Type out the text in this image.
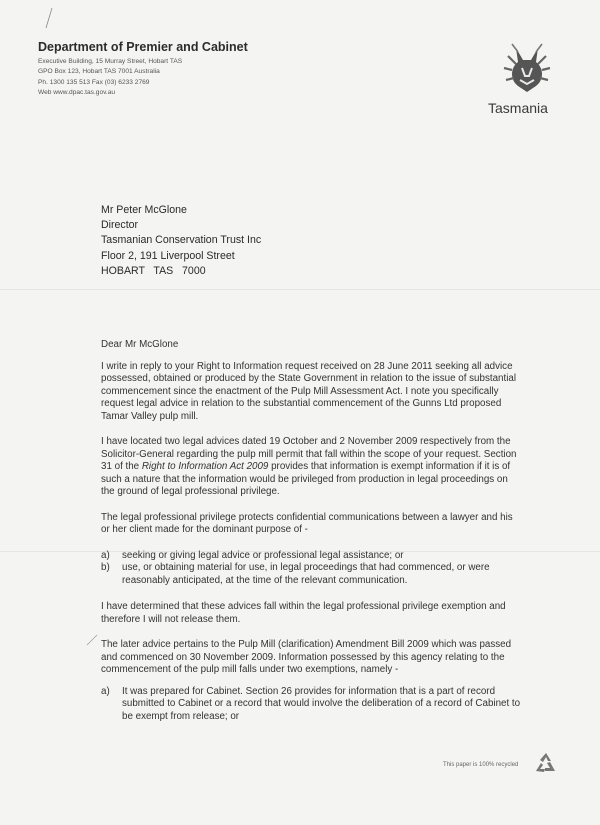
Department of Premier and Cabinet
Executive Building, 15 Murray Street, Hobart TAS
GPO Box 123, Hobart TAS 7001 Australia
Ph. 1300 135 513 Fax (03) 6233 2769
Web www.dpac.tas.gov.au
Tasmania
Mr Peter McGlone
Director
Tasmanian Conservation Trust Inc
Floor 2, 191 Liverpool Street
HOBART   TAS   7000

Dear Mr McGlone

I write in reply to your Right to Information request received on 28 June 2011 seeking all advice possessed, obtained or produced by the State Government in relation to the issue of substantial commencement since the enactment of the Pulp Mill Assessment Act. I note you specifically request legal advice in relation to the substantial commencement of the Gunns Ltd proposed Tamar Valley pulp mill.

I have located two legal advices dated 19 October and 2 November 2009 respectively from the Solicitor-General regarding the pulp mill permit that fall within the scope of your request. Section 31 of the Right to Information Act 2009 provides that information is exempt information if it is of such a nature that the information would be privileged from production in legal proceedings on the ground of legal professional privilege.

The legal professional privilege protects confidential communications between a lawyer and his or her client made for the dominant purpose of -

a) seeking or giving legal advice or professional legal assistance; or
b) use, or obtaining material for use, in legal proceedings that had commenced, or were reasonably anticipated, at the time of the relevant communication.

I have determined that these advices fall within the legal professional privilege exemption and therefore I will not release them.

The later advice pertains to the Pulp Mill (clarification) Amendment Bill 2009 which was passed and commenced on 30 November 2009. Information possessed by this agency relating to the commencement of the pulp mill falls under two exemptions, namely -

a) It was prepared for Cabinet. Section 26 provides for information that is a part of record submitted to Cabinet or a record that would involve the deliberation of a record of Cabinet to be exempt from release; or
This paper is 100% recycled
